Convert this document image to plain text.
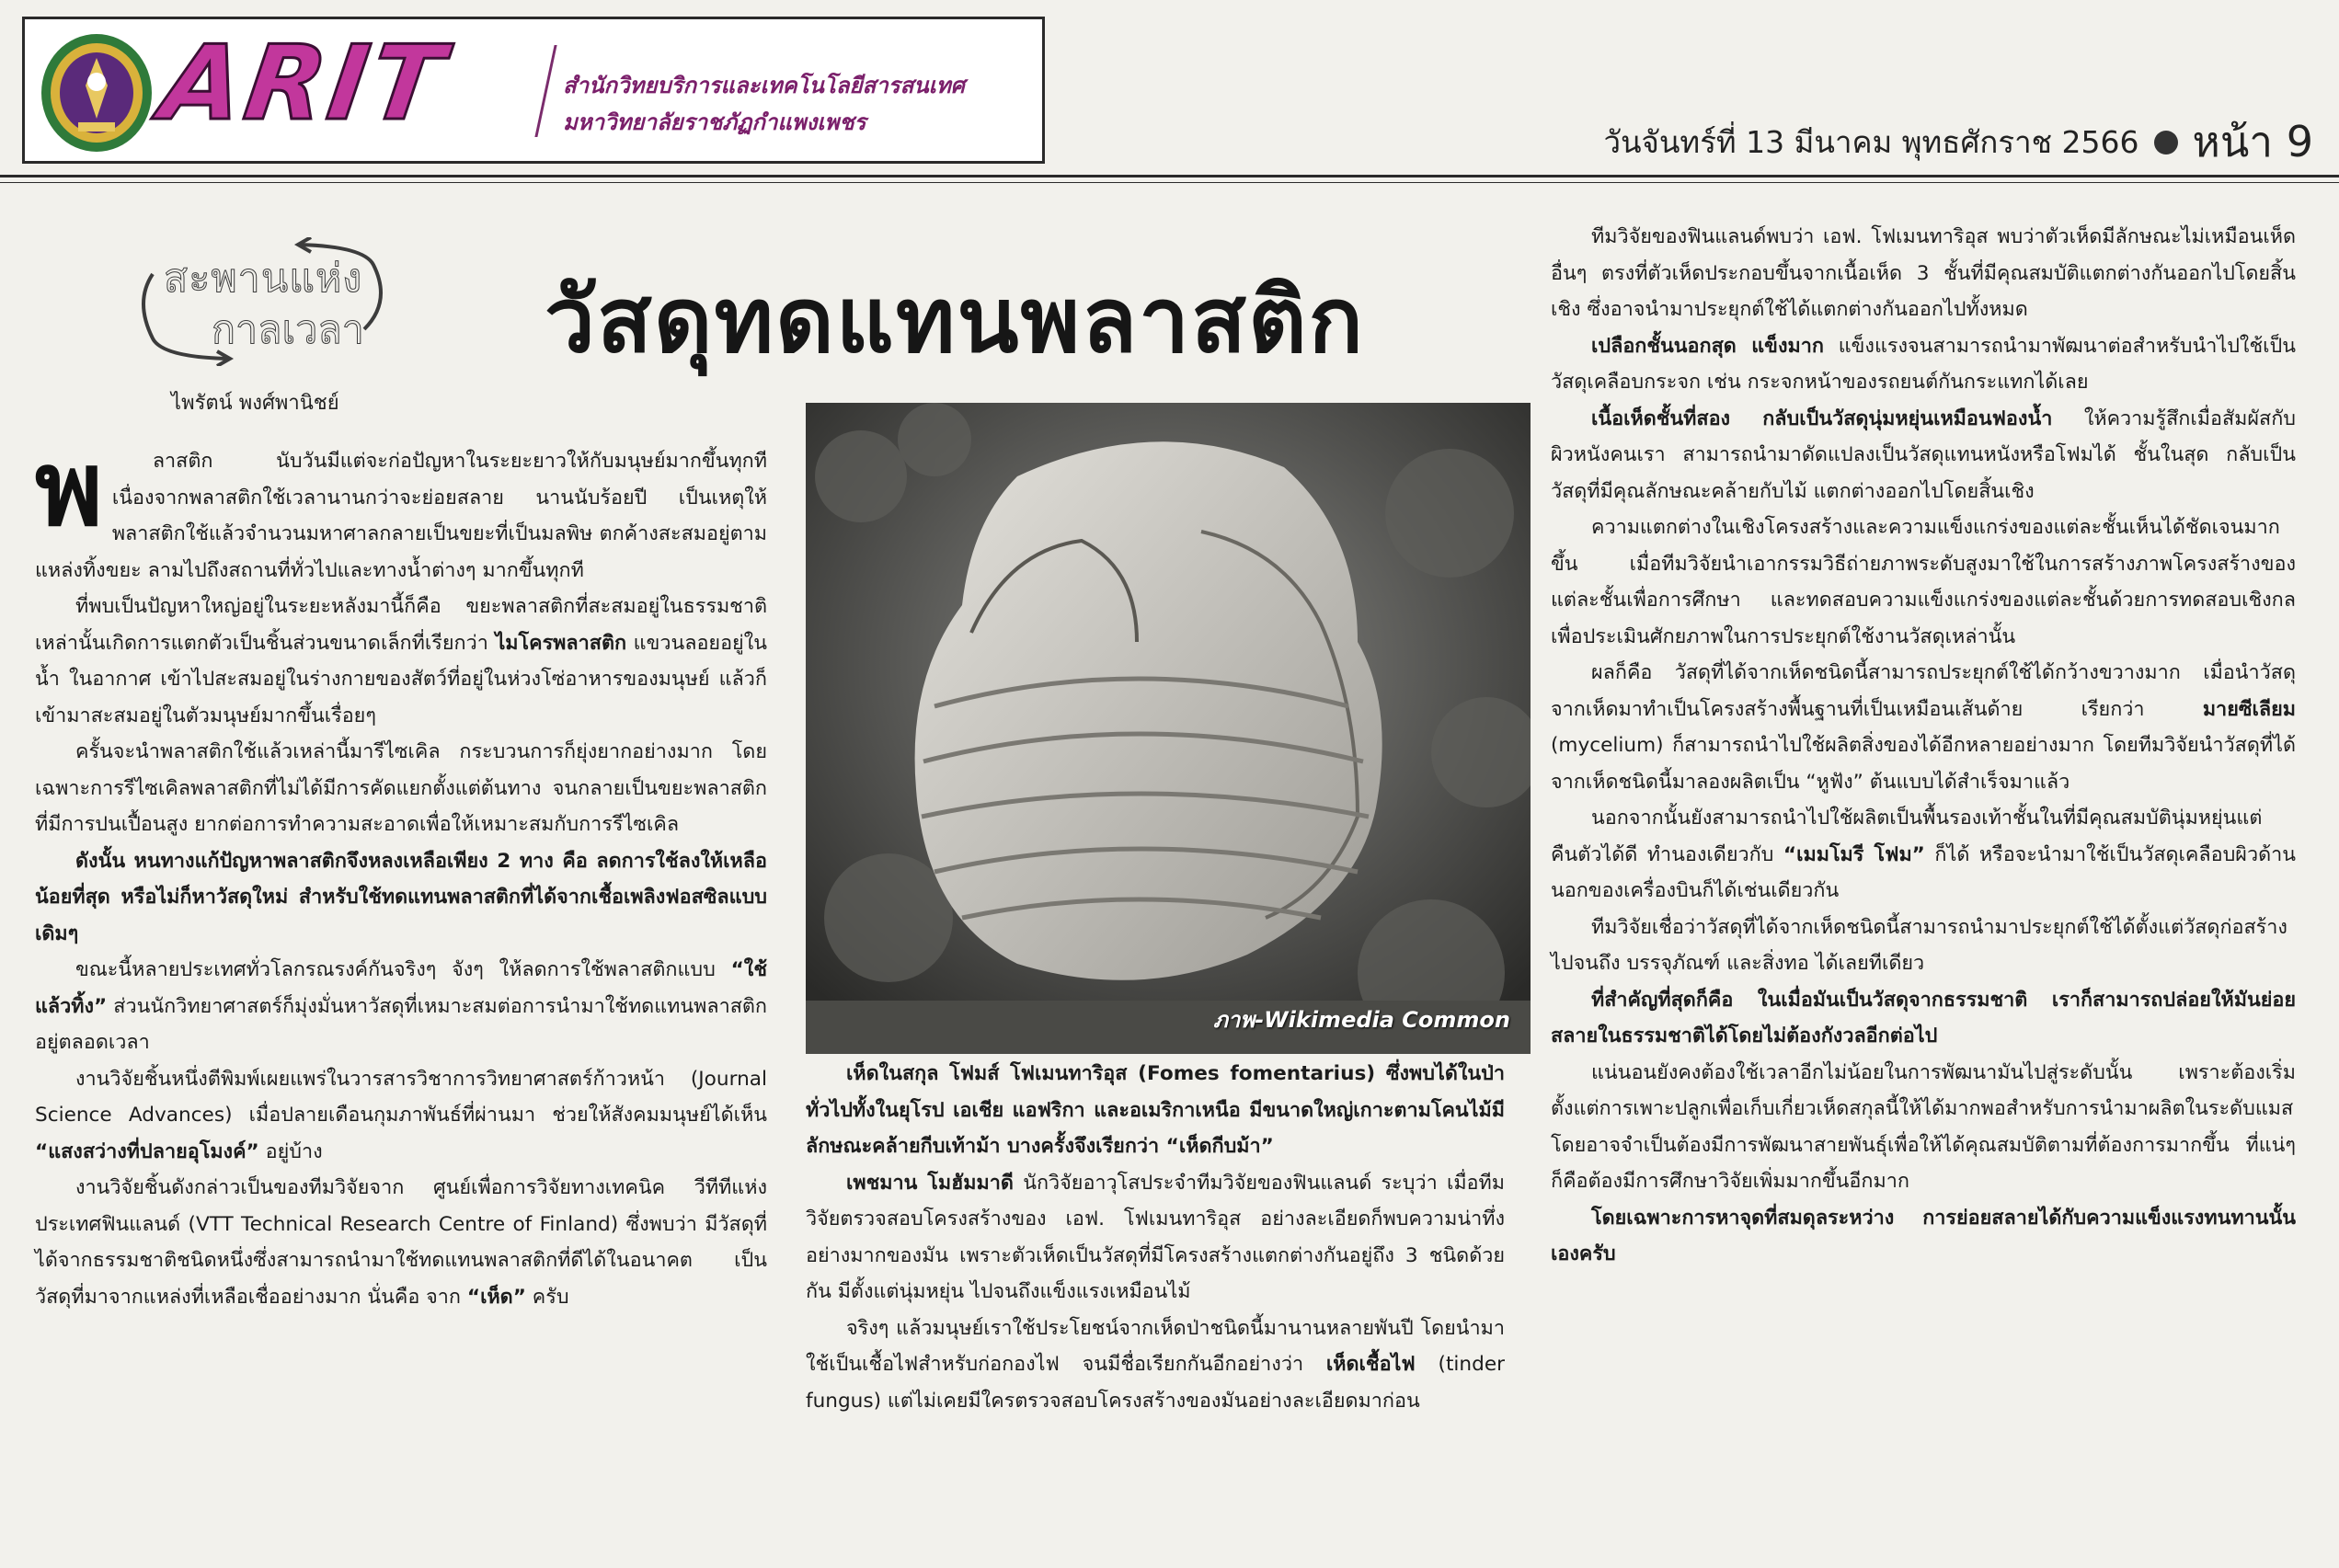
ARIT	สำนักวิทยบริการและเทคโนโลยีสารสนเทศ
มหาวิทยาลัยราชภัฏกำแพงเพชร
วันจันทร์ที่ 13 มีนาคม พุทธศักราช 2566 หน้า 9
สะพานแห่ง
กาลเวลา
ไพรัตน์ พงศ์พานิชย์
วัสดุทดแทนพลาสติก
ภาพ-Wikimedia Common

พ	ลาสติก นับวันมีแต่จะก่อปัญหาในระยะยาวให้กับมนุษย์มากขึ้นทุกทีเนื่องจากพลาสติกใช้เวลานานกว่าจะย่อยสลาย นานนับร้อยปี เป็นเหตุให้พลาสติกใช้แล้วจำนวนมหาศาลกลายเป็นขยะที่เป็นมลพิษ ตกค้างสะสมอยู่ตามแหล่งทิ้งขยะ ลามไปถึงสถานที่ทั่วไปและทางน้ำต่างๆ มากขึ้นทุกที

ที่พบเป็นปัญหาใหญ่อยู่ในระยะหลังมานี้ก็คือ ขยะพลาสติกที่สะสมอยู่ในธรรมชาติเหล่านั้นเกิดการแตกตัวเป็นชิ้นส่วนขนาดเล็กที่เรียกว่า ไมโครพลาสติก แขวนลอยอยู่ในน้ำ ในอากาศ เข้าไปสะสมอยู่ในร่างกายของสัตว์ที่อยู่ในห่วงโซ่อาหารของมนุษย์ แล้วก็เข้ามาสะสมอยู่ในตัวมนุษย์มากขึ้นเรื่อยๆ

ครั้นจะนำพลาสติกใช้แล้วเหล่านี้มารีไซเคิล กระบวนการก็ยุ่งยากอย่างมาก โดยเฉพาะการรีไซเคิลพลาสติกที่ไม่ได้มีการคัดแยกตั้งแต่ต้นทาง จนกลายเป็นขยะพลาสติกที่มีการปนเปื้อนสูง ยากต่อการทำความสะอาดเพื่อให้เหมาะสมกับการรีไซเคิล

ดังนั้น หนทางแก้ปัญหาพลาสติกจึงหลงเหลือเพียง 2 ทาง คือ ลดการใช้ลงให้เหลือน้อยที่สุด หรือไม่ก็หาวัสดุใหม่ สำหรับใช้ทดแทนพลาสติกที่ได้จากเชื้อเพลิงฟอสซิลแบบเดิมๆ

ขณะนี้หลายประเทศทั่วโลกรณรงค์กันจริงๆ จังๆ ให้ลดการใช้พลาสติกแบบ “ใช้แล้วทิ้ง” ส่วนนักวิทยาศาสตร์ก็มุ่งมั่นหาวัสดุที่เหมาะสมต่อการนำมาใช้ทดแทนพลาสติกอยู่ตลอดเวลา

งานวิจัยชิ้นหนึ่งตีพิมพ์เผยแพร่ในวารสารวิชาการวิทยาศาสตร์ก้าวหน้า (Journal Science Advances) เมื่อปลายเดือนกุมภาพันธ์ที่ผ่านมา ช่วยให้สังคมมนุษย์ได้เห็น “แสงสว่างที่ปลายอุโมงค์” อยู่บ้าง

งานวิจัยชิ้นดังกล่าวเป็นของทีมวิจัยจาก ศูนย์เพื่อการวิจัยทางเทคนิค วีทีทีแห่งประเทศฟินแลนด์ (VTT Technical Research Centre of Finland) ซึ่งพบว่า มีวัสดุที่ได้จากธรรมชาติชนิดหนึ่งซึ่งสามารถนำมาใช้ทดแทนพลาสติกที่ดีได้ในอนาคต เป็นวัสดุที่มาจากแหล่งที่เหลือเชื่ออย่างมาก นั่นคือ จาก “เห็ด” ครับ

เห็ดในสกุล โฟมส์ โฟเมนทาริอุส (Fomes fomentarius) ซึ่งพบได้ในป่าทั่วไปทั้งในยุโรป เอเชีย แอฟริกา และอเมริกาเหนือ มีขนาดใหญ่เกาะตามโคนไม้มีลักษณะคล้ายกีบเท้าม้า บางครั้งจึงเรียกว่า “เห็ดกีบม้า”

เพชมาน โมฮัมมาดี นักวิจัยอาวุโสประจำทีมวิจัยของฟินแลนด์ ระบุว่า เมื่อทีมวิจัยตรวจสอบโครงสร้างของ เอฟ. โฟเมนทาริอุส อย่างละเอียดก็พบความน่าทึ่งอย่างมากของมัน เพราะตัวเห็ดเป็นวัสดุที่มีโครงสร้างแตกต่างกันอยู่ถึง 3 ชนิดด้วยกัน มีตั้งแต่นุ่มหยุ่น ไปจนถึงแข็งแรงเหมือนไม้

จริงๆ แล้วมนุษย์เราใช้ประโยชน์จากเห็ดป่าชนิดนี้มานานหลายพันปี โดยนำมาใช้เป็นเชื้อไฟสำหรับก่อกองไฟ จนมีชื่อเรียกกันอีกอย่างว่า เห็ดเชื้อไฟ (tinder fungus) แต่ไม่เคยมีใครตรวจสอบโครงสร้างของมันอย่างละเอียดมาก่อน

ทีมวิจัยของฟินแลนด์พบว่า เอฟ. โฟเมนทาริอุส พบว่าตัวเห็ดมีลักษณะไม่เหมือนเห็ดอื่นๆ ตรงที่ตัวเห็ดประกอบขึ้นจากเนื้อเห็ด 3 ชั้นที่มีคุณสมบัติแตกต่างกันออกไปโดยสิ้นเชิง ซึ่งอาจนำมาประยุกต์ใช้ได้แตกต่างกันออกไปทั้งหมด

เปลือกชั้นนอกสุด แข็งมาก แข็งแรงจนสามารถนำมาพัฒนาต่อสำหรับนำไปใช้เป็นวัสดุเคลือบกระจก เช่น กระจกหน้าของรถยนต์กันกระแทกได้เลย

เนื้อเห็ดชั้นที่สอง กลับเป็นวัสดุนุ่มหยุ่นเหมือนฟองน้ำ ให้ความรู้สึกเมื่อสัมผัสกับผิวหนังคนเรา สามารถนำมาดัดแปลงเป็นวัสดุแทนหนังหรือโฟมได้ ชั้นในสุด กลับเป็นวัสดุที่มีคุณลักษณะคล้ายกับไม้ แตกต่างออกไปโดยสิ้นเชิง

ความแตกต่างในเชิงโครงสร้างและความแข็งแกร่งของแต่ละชั้นเห็นได้ชัดเจนมากขึ้น เมื่อทีมวิจัยนำเอากรรมวิธีถ่ายภาพระดับสูงมาใช้ในการสร้างภาพโครงสร้างของแต่ละชั้นเพื่อการศึกษา และทดสอบความแข็งแกร่งของแต่ละชั้นด้วยการทดสอบเชิงกล เพื่อประเมินศักยภาพในการประยุกต์ใช้งานวัสดุเหล่านั้น

ผลก็คือ วัสดุที่ได้จากเห็ดชนิดนี้สามารถประยุกต์ใช้ได้กว้างขวางมาก เมื่อนำวัสดุจากเห็ดมาทำเป็นโครงสร้างพื้นฐานที่เป็นเหมือนเส้นด้าย เรียกว่า มายซีเลียม (mycelium) ก็สามารถนำไปใช้ผลิตสิ่งของได้อีกหลายอย่างมาก โดยทีมวิจัยนำวัสดุที่ได้จากเห็ดชนิดนี้มาลองผลิตเป็น “หูฟัง” ต้นแบบได้สำเร็จมาแล้ว

นอกจากนั้นยังสามารถนำไปใช้ผลิตเป็นพื้นรองเท้าชั้นในที่มีคุณสมบัตินุ่มหยุ่นแต่คืนตัวได้ดี ทำนองเดียวกับ “เมมโมรี โฟม” ก็ได้ หรือจะนำมาใช้เป็นวัสดุเคลือบผิวด้านนอกของเครื่องบินก็ได้เช่นเดียวกัน

ทีมวิจัยเชื่อว่าวัสดุที่ได้จากเห็ดชนิดนี้สามารถนำมาประยุกต์ใช้ได้ตั้งแต่วัสดุก่อสร้าง ไปจนถึง บรรจุภัณฑ์ และสิ่งทอ ได้เลยทีเดียว

ที่สำคัญที่สุดก็คือ ในเมื่อมันเป็นวัสดุจากธรรมชาติ เราก็สามารถปล่อยให้มันย่อยสลายในธรรมชาติได้โดยไม่ต้องกังวลอีกต่อไป

แน่นอนยังคงต้องใช้เวลาอีกไม่น้อยในการพัฒนามันไปสู่ระดับนั้น เพราะต้องเริ่มตั้งแต่การเพาะปลูกเพื่อเก็บเกี่ยวเห็ดสกุลนี้ให้ได้มากพอสำหรับการนำมาผลิตในระดับแมส โดยอาจจำเป็นต้องมีการพัฒนาสายพันธุ์เพื่อให้ได้คุณสมบัติตามที่ต้องการมากขึ้น ที่แน่ๆ ก็คือต้องมีการศึกษาวิจัยเพิ่มมากขึ้นอีกมาก

โดยเฉพาะการหาจุดที่สมดุลระหว่าง การย่อยสลายได้กับความแข็งแรงทนทานนั้นเองครับ
